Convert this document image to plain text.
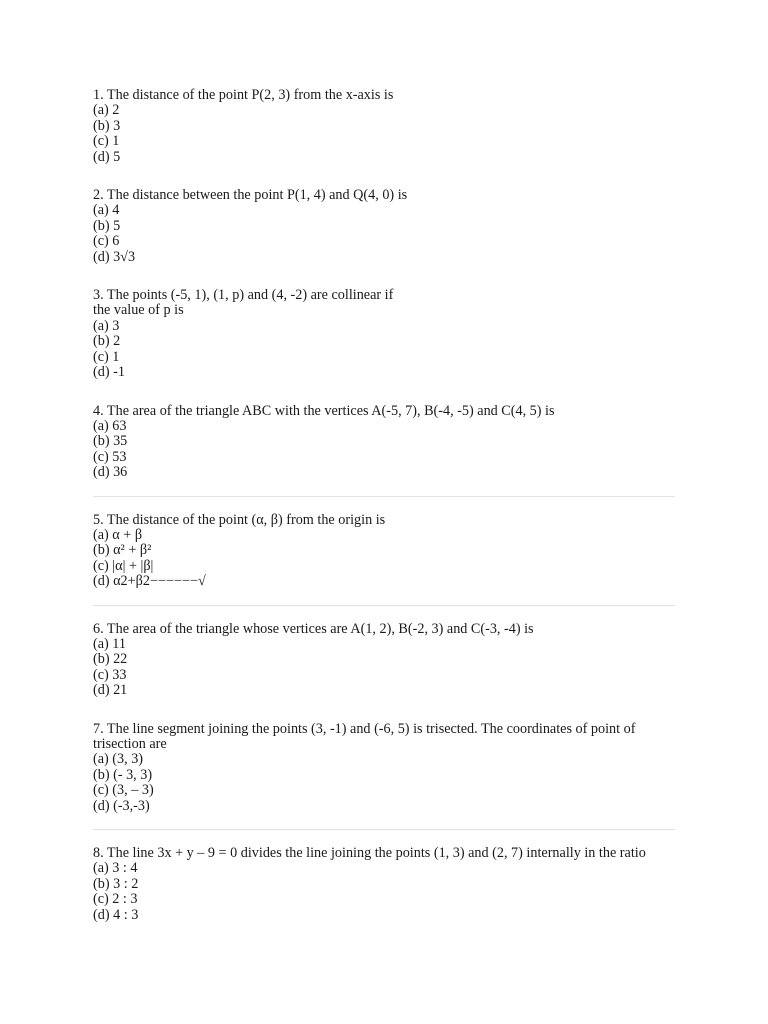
1. The distance of the point P(2, 3) from the x-axis is
(a) 2
(b) 3
(c) 1
(d) 5
2. The distance between the point P(1, 4) and Q(4, 0) is
(a) 4
(b) 5
(c) 6
(d) 3√3
3. The points (-5, 1), (1, p) and (4, -2) are collinear if
the value of p is
(a) 3
(b) 2
(c) 1
(d) -1
4. The area of the triangle ABC with the vertices A(-5, 7), B(-4, -5) and C(4, 5) is
(a) 63
(b) 35
(c) 53
(d) 36
5. The distance of the point (α, β) from the origin is
(a) α + β
(b) α² + β²
(c) |α| + |β|
(d) α2+β2−−−−−−√
6. The area of the triangle whose vertices are A(1, 2), B(-2, 3) and C(-3, -4) is
(a) 11
(b) 22
(c) 33
(d) 21
7. The line segment joining the points (3, -1) and (-6, 5) is trisected. The coordinates of point of
trisection are
(a) (3, 3)
(b) (- 3, 3)
(c) (3, – 3)
(d) (-3,-3)
8. The line 3x + y – 9 = 0 divides the line joining the points (1, 3) and (2, 7) internally in the ratio
(a) 3 : 4
(b) 3 : 2
(c) 2 : 3
(d) 4 : 3
